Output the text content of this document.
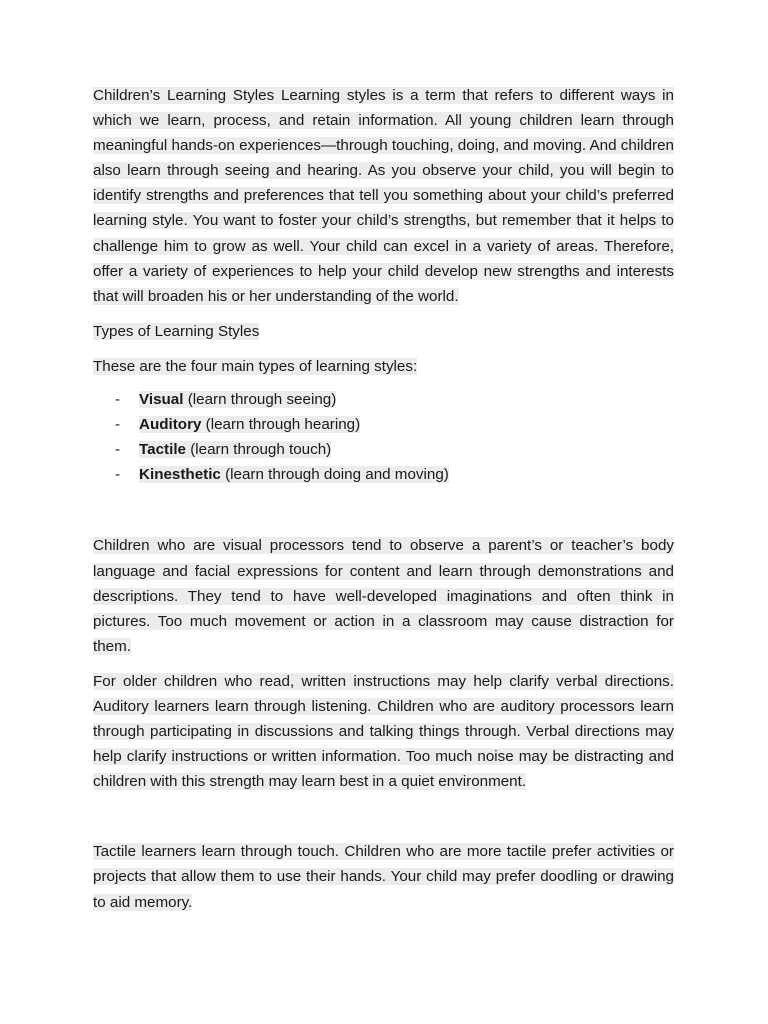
Children’s Learning Styles Learning styles is a term that refers to different ways in which we learn, process, and retain information. All young children learn through meaningful hands-on experiences—through touching, doing, and moving. And children also learn through seeing and hearing. As you observe your child, you will begin to identify strengths and preferences that tell you something about your child’s preferred learning style. You want to foster your child’s strengths, but remember that it helps to challenge him to grow as well. Your child can excel in a variety of areas. Therefore, offer a variety of experiences to help your child develop new strengths and interests that will broaden his or her understanding of the world.

Types of Learning Styles

These are the four main types of learning styles:

- Visual (learn through seeing)
- Auditory (learn through hearing)
- Tactile (learn through touch)
- Kinesthetic (learn through doing and moving)

Children who are visual processors tend to observe a parent’s or teacher’s body language and facial expressions for content and learn through demonstrations and descriptions. They tend to have well-developed imaginations and often think in pictures. Too much movement or action in a classroom may cause distraction for them.

For older children who read, written instructions may help clarify verbal directions. Auditory learners learn through listening. Children who are auditory processors learn through participating in discussions and talking things through. Verbal directions may help clarify instructions or written information. Too much noise may be distracting and children with this strength may learn best in a quiet environment.

Tactile learners learn through touch. Children who are more tactile prefer activities or projects that allow them to use their hands. Your child may prefer doodling or drawing to aid memory.
